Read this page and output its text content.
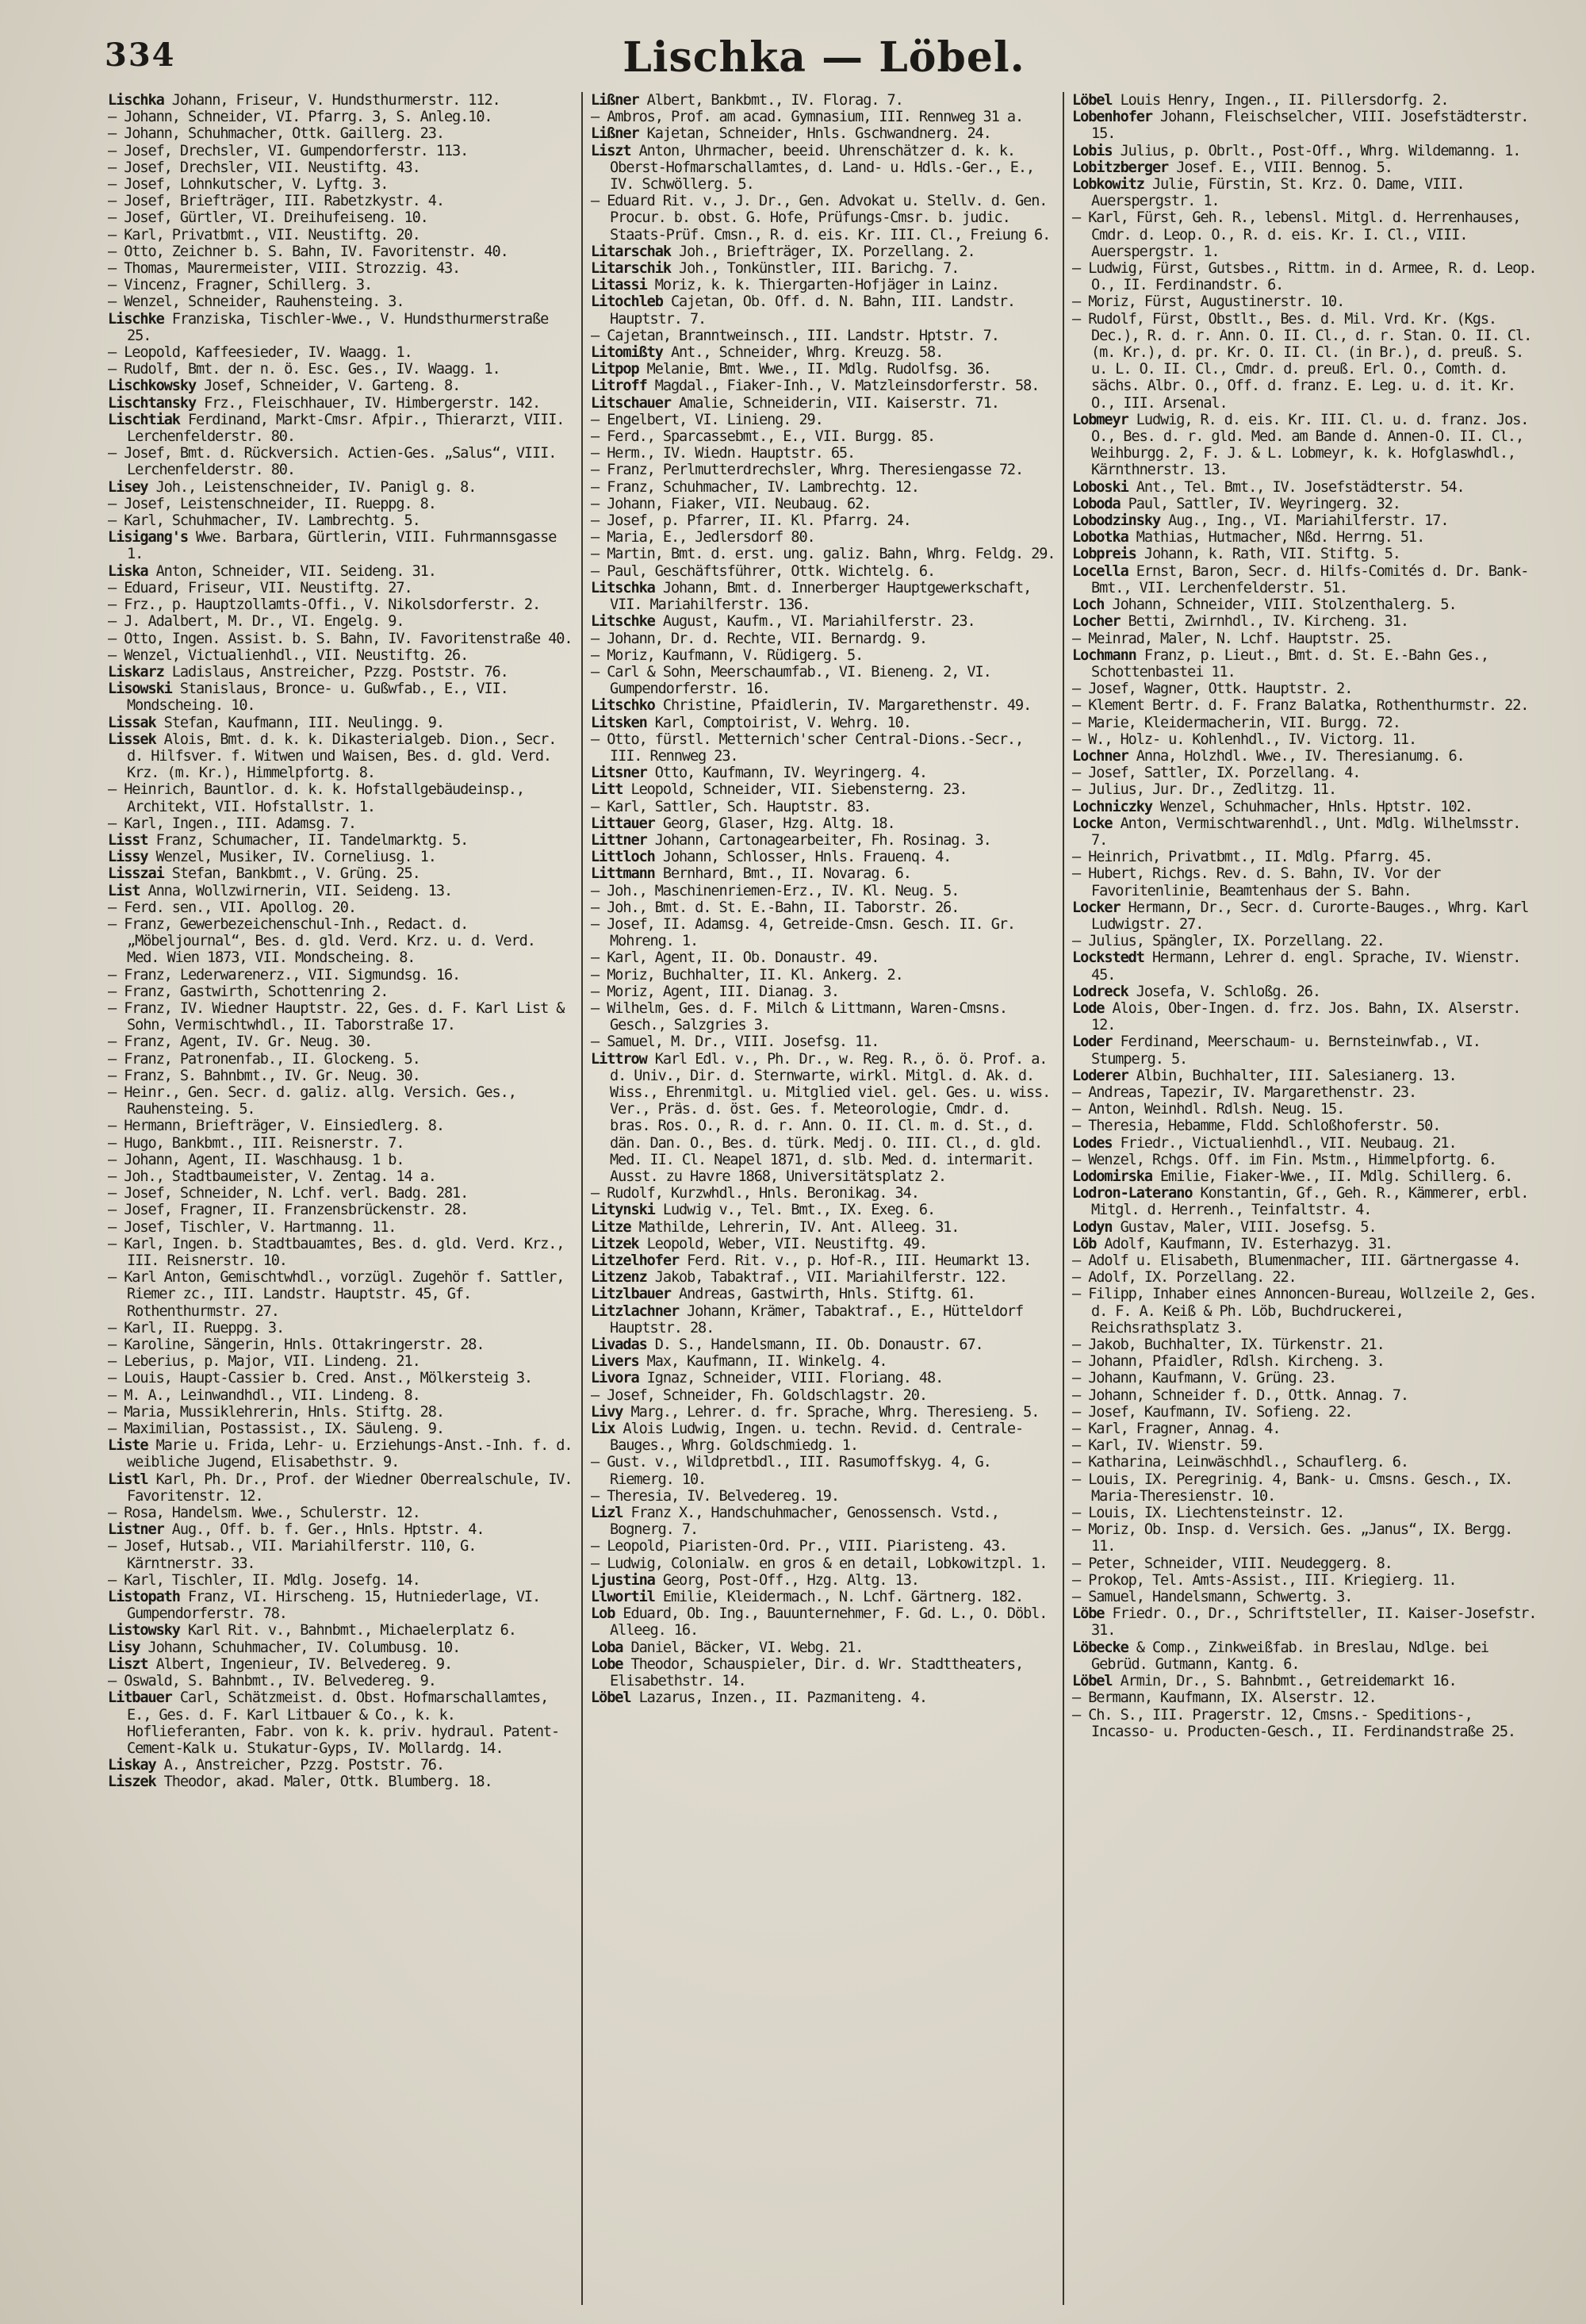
334	Lischka — Löbel.

Lischka Johann, Friseur, V. Hundsthurmerstr. 112.

— Johann, Schneider, VI. Pfarrg. 3, S. Anleg.10.

— Johann, Schuhmacher, Ottk. Gaillerg. 23.

— Josef, Drechsler, VI. Gumpendorferstr. 113.

— Josef, Drechsler, VII. Neustiftg. 43.

— Josef, Lohnkutscher, V. Lyftg. 3.

— Josef, Briefträger, III. Rabetzkystr. 4.

— Josef, Gürtler, VI. Dreihufeiseng. 10.

— Karl, Privatbmt., VII. Neustiftg. 20.

— Otto, Zeichner b. S. Bahn, IV. Favoritenstr. 40.

— Thomas, Maurermeister, VIII. Strozzig. 43.

— Vincenz, Fragner, Schillerg. 3.

— Wenzel, Schneider, Rauhensteing. 3.

Lischke Franziska, Tischler-Wwe., V. Hundsthurmerstraße 25.

— Leopold, Kaffeesieder, IV. Waagg. 1.

— Rudolf, Bmt. der n. ö. Esc. Ges., IV. Waagg. 1.

Lischkowsky Josef, Schneider, V. Garteng. 8.

Lischtansky Frz., Fleischhauer, IV. Himbergerstr. 142.

Lischtiak Ferdinand, Markt-Cmsr. Afpir., Thierarzt, VIII. Lerchenfelderstr. 80.

— Josef, Bmt. d. Rückversich. Actien-Ges. „Salus“, VIII. Lerchenfelderstr. 80.

Lisey Joh., Leistenschneider, IV. Panigl g. 8.

— Josef, Leistenschneider, II. Rueppg. 8.

— Karl, Schuhmacher, IV. Lambrechtg. 5.

Lisigang's Wwe. Barbara, Gürtlerin, VIII. Fuhrmannsgasse 1.

Liska Anton, Schneider, VII. Seideng. 31.

— Eduard, Friseur, VII. Neustiftg. 27.

— Frz., p. Hauptzollamts-Offi., V. Nikolsdorferstr. 2.

— J. Adalbert, M. Dr., VI. Engelg. 9.

— Otto, Ingen. Assist. b. S. Bahn, IV. Favoritenstraße 40.

— Wenzel, Victualienhdl., VII. Neustiftg. 26.

Liskarz Ladislaus, Anstreicher, Pzzg. Poststr. 76.

Lisowski Stanislaus, Bronce- u. Gußwfab., E., VII. Mondscheing. 10.

Lissak Stefan, Kaufmann, III. Neulingg. 9.

Lissek Alois, Bmt. d. k. k. Dikasterialgeb. Dion., Secr. d. Hilfsver. f. Witwen und Waisen, Bes. d. gld. Verd. Krz. (m. Kr.), Himmelpfortg. 8.

— Heinrich, Bauntlor. d. k. k. Hofstallgebäudeinsp., Architekt, VII. Hofstallstr. 1.

— Karl, Ingen., III. Adamsg. 7.

Lisst Franz, Schumacher, II. Tandelmarktg. 5.

Lissy Wenzel, Musiker, IV. Corneliusg. 1.

Lisszai Stefan, Bankbmt., V. Grüng. 25.

List Anna, Wollzwirnerin, VII. Seideng. 13.

— Ferd. sen., VII. Apollog. 20.

— Franz, Gewerbezeichenschul-Inh., Redact. d. „Möbeljournal“, Bes. d. gld. Verd. Krz. u. d. Verd. Med. Wien 1873, VII. Mondscheing. 8.

— Franz, Lederwarenerz., VII. Sigmundsg. 16.

— Franz, Gastwirth, Schottenring 2.

— Franz, IV. Wiedner Hauptstr. 22, Ges. d. F. Karl List & Sohn, Vermischtwhdl., II. Taborstraße 17.

— Franz, Agent, IV. Gr. Neug. 30.

— Franz, Patronenfab., II. Glockeng. 5.

— Franz, S. Bahnbmt., IV. Gr. Neug. 30.

— Heinr., Gen. Secr. d. galiz. allg. Versich. Ges., Rauhensteing. 5.

— Hermann, Briefträger, V. Einsiedlerg. 8.

— Hugo, Bankbmt., III. Reisnerstr. 7.

— Johann, Agent, II. Waschhausg. 1 b.

— Joh., Stadtbaumeister, V. Zentag. 14 a.

— Josef, Schneider, N. Lchf. verl. Badg. 281.

— Josef, Fragner, II. Franzensbrückenstr. 28.

— Josef, Tischler, V. Hartmanng. 11.

— Karl, Ingen. b. Stadtbauamtes, Bes. d. gld. Verd. Krz., III. Reisnerstr. 10.

— Karl Anton, Gemischtwhdl., vorzügl. Zugehör f. Sattler, Riemer zc., III. Landstr. Hauptstr. 45, Gf. Rothenthurmstr. 27.

— Karl, II. Rueppg. 3.

— Karoline, Sängerin, Hnls. Ottakringerstr. 28.

— Leberius, p. Major, VII. Lindeng. 21.

— Louis, Haupt-Cassier b. Cred. Anst., Mölkersteig 3.

— M. A., Leinwandhdl., VII. Lindeng. 8.

— Maria, Mussiklehrerin, Hnls. Stiftg. 28.

— Maximilian, Postassist., IX. Säuleng. 9.

Liste Marie u. Frida, Lehr- u. Erziehungs-Anst.-Inh. f. d. weibliche Jugend, Elisabethstr. 9.

Listl Karl, Ph. Dr., Prof. der Wiedner Oberrealschule, IV. Favoritenstr. 12.

— Rosa, Handelsm. Wwe., Schulerstr. 12.

Listner Aug., Off. b. f. Ger., Hnls. Hptstr. 4.

— Josef, Hutsab., VII. Mariahilferstr. 110, G. Kärntnerstr. 33.

— Karl, Tischler, II. Mdlg. Josefg. 14.

Listopath Franz, VI. Hirscheng. 15, Hutniederlage, VI. Gumpendorferstr. 78.

Listowsky Karl Rit. v., Bahnbmt., Michaelerplatz 6.

Lisy Johann, Schuhmacher, IV. Columbusg. 10.

Liszt Albert, Ingenieur, IV. Belvedereg. 9.

— Oswald, S. Bahnbmt., IV. Belvedereg. 9.

Litbauer Carl, Schätzmeist. d. Obst. Hofmarschallamtes, E., Ges. d. F. Karl Litbauer & Co., k. k. Hoflieferanten, Fabr. von k. k. priv. hydraul. Patent-Cement-Kalk u. Stukatur-Gyps, IV. Mollardg. 14.

Liskay A., Anstreicher, Pzzg. Poststr. 76.

Liszek Theodor, akad. Maler, Ottk. Blumberg. 18.

Lißner Albert, Bankbmt., IV. Florag. 7.

— Ambros, Prof. am acad. Gymnasium, III. Rennweg 31 a.

Lißner Kajetan, Schneider, Hnls. Gschwandnerg. 24.

Liszt Anton, Uhrmacher, beeid. Uhrenschätzer d. k. k. Oberst-Hofmarschallamtes, d. Land- u. Hdls.-Ger., E., IV. Schwöllerg. 5.

— Eduard Rit. v., J. Dr., Gen. Advokat u. Stellv. d. Gen. Procur. b. obst. G. Hofe, Prüfungs-Cmsr. b. judic. Staats-Prüf. Cmsn., R. d. eis. Kr. III. Cl., Freiung 6.

Litarschak Joh., Briefträger, IX. Porzellang. 2.

Litarschik Joh., Tonkünstler, III. Barichg. 7.

Litassi Moriz, k. k. Thiergarten-Hofjäger in Lainz.

Litochleb Cajetan, Ob. Off. d. N. Bahn, III. Landstr. Hauptstr. 7.

— Cajetan, Branntweinsch., III. Landstr. Hptstr. 7.

Litomißty Ant., Schneider, Whrg. Kreuzg. 58.

Litpop Melanie, Bmt. Wwe., II. Mdlg. Rudolfsg. 36.

Litroff Magdal., Fiaker-Inh., V. Matzleinsdorferstr. 58.

Litschauer Amalie, Schneiderin, VII. Kaiserstr. 71.

— Engelbert, VI. Linieng. 29.

— Ferd., Sparcassebmt., E., VII. Burgg. 85.

— Herm., IV. Wiedn. Hauptstr. 65.

— Franz, Perlmutterdrechsler, Whrg. Theresiengasse 72.

— Franz, Schuhmacher, IV. Lambrechtg. 12.

— Johann, Fiaker, VII. Neubaug. 62.

— Josef, p. Pfarrer, II. Kl. Pfarrg. 24.

— Maria, E., Jedlersdorf 80.

— Martin, Bmt. d. erst. ung. galiz. Bahn, Whrg. Feldg. 29.

— Paul, Geschäftsführer, Ottk. Wichtelg. 6.

Litschka Johann, Bmt. d. Innerberger Hauptgewerkschaft, VII. Mariahilferstr. 136.

Litschke August, Kaufm., VI. Mariahilferstr. 23.

— Johann, Dr. d. Rechte, VII. Bernardg. 9.

— Moriz, Kaufmann, V. Rüdigerg. 5.

— Carl & Sohn, Meerschaumfab., VI. Bieneng. 2, VI. Gumpendorferstr. 16.

Litschko Christine, Pfaidlerin, IV. Margarethenstr. 49.

Litsken Karl, Comptoirist, V. Wehrg. 10.

— Otto, fürstl. Metternich'scher Central-Dions.-Secr., III. Rennweg 23.

Litsner Otto, Kaufmann, IV. Weyringerg. 4.

Litt Leopold, Schneider, VII. Siebensterng. 23.

— Karl, Sattler, Sch. Hauptstr. 83.

Littauer Georg, Glaser, Hzg. Altg. 18.

Littner Johann, Cartonagearbeiter, Fh. Rosinag. 3.

Littloch Johann, Schlosser, Hnls. Frauenq. 4.

Littmann Bernhard, Bmt., II. Novarag. 6.

— Joh., Maschinenriemen-Erz., IV. Kl. Neug. 5.

— Joh., Bmt. d. St. E.-Bahn, II. Taborstr. 26.

— Josef, II. Adamsg. 4, Getreide-Cmsn. Gesch. II. Gr. Mohreng. 1.

— Karl, Agent, II. Ob. Donaustr. 49.

— Moriz, Buchhalter, II. Kl. Ankerg. 2.

— Moriz, Agent, III. Dianag. 3.

— Wilhelm, Ges. d. F. Milch & Littmann, Waren-Cmsns. Gesch., Salzgries 3.

— Samuel, M. Dr., VIII. Josefsg. 11.

Littrow Karl Edl. v., Ph. Dr., w. Reg. R., ö. ö. Prof. a. d. Univ., Dir. d. Sternwarte, wirkl. Mitgl. d. Ak. d. Wiss., Ehrenmitgl. u. Mitglied viel. gel. Ges. u. wiss. Ver., Präs. d. öst. Ges. f. Meteorologie, Cmdr. d. bras. Ros. O., R. d. r. Ann. O. II. Cl. m. d. St., d. dän. Dan. O., Bes. d. türk. Medj. O. III. Cl., d. gld. Med. II. Cl. Neapel 1871, d. slb. Med. d. intermarit. Ausst. zu Havre 1868, Universitätsplatz 2.

— Rudolf, Kurzwhdl., Hnls. Beronikag. 34.

Litynski Ludwig v., Tel. Bmt., IX. Exeg. 6.

Litze Mathilde, Lehrerin, IV. Ant. Alleeg. 31.

Litzek Leopold, Weber, VII. Neustiftg. 49.

Litzelhofer Ferd. Rit. v., p. Hof-R., III. Heumarkt 13.

Litzenz Jakob, Tabaktraf., VII. Mariahilferstr. 122.

Litzlbauer Andreas, Gastwirth, Hnls. Stiftg. 61.

Litzlachner Johann, Krämer, Tabaktraf., E., Hütteldorf Hauptstr. 28.

Livadas D. S., Handelsmann, II. Ob. Donaustr. 67.

Livers Max, Kaufmann, II. Winkelg. 4.

Livora Ignaz, Schneider, VIII. Floriang. 48.

— Josef, Schneider, Fh. Goldschlagstr. 20.

Livy Marg., Lehrer. d. fr. Sprache, Whrg. Theresieng. 5.

Lix Alois Ludwig, Ingen. u. techn. Revid. d. Centrale-Bauges., Whrg. Goldschmiedg. 1.

— Gust. v., Wildpretbdl., III. Rasumoffskyg. 4, G. Riemerg. 10.

— Theresia, IV. Belvedereg. 19.

Lizl Franz X., Handschuhmacher, Genossensch. Vstd., Bognerg. 7.

— Leopold, Piaristen-Ord. Pr., VIII. Piaristeng. 43.

— Ludwig, Colonialw. en gros & en detail, Lobkowitzpl. 1.

Ljustina Georg, Post-Off., Hzg. Altg. 13.

Llwortil Emilie, Kleidermach., N. Lchf. Gärtnerg. 182.

Lob Eduard, Ob. Ing., Bauunternehmer, F. Gd. L., O. Döbl. Alleeg. 16.

Loba Daniel, Bäcker, VI. Webg. 21.

Lobe Theodor, Schauspieler, Dir. d. Wr. Stadttheaters, Elisabethstr. 14.

Löbel Lazarus, Inzen., II. Pazmaniteng. 4.

Löbel Louis Henry, Ingen., II. Pillersdorfg. 2.

Lobenhofer Johann, Fleischselcher, VIII. Josefstädterstr. 15.

Lobis Julius, p. Obrlt., Post-Off., Whrg. Wildemanng. 1.

Lobitzberger Josef. E., VIII. Bennog. 5.

Lobkowitz Julie, Fürstin, St. Krz. O. Dame, VIII. Auerspergstr. 1.

— Karl, Fürst, Geh. R., lebensl. Mitgl. d. Herrenhauses, Cmdr. d. Leop. O., R. d. eis. Kr. I. Cl., VIII. Auerspergstr. 1.

— Ludwig, Fürst, Gutsbes., Rittm. in d. Armee, R. d. Leop. O., II. Ferdinandstr. 6.

— Moriz, Fürst, Augustinerstr. 10.

— Rudolf, Fürst, Obstlt., Bes. d. Mil. Vrd. Kr. (Kgs. Dec.), R. d. r. Ann. O. II. Cl., d. r. Stan. O. II. Cl. (m. Kr.), d. pr. Kr. O. II. Cl. (in Br.), d. preuß. S. u. L. O. II. Cl., Cmdr. d. preuß. Erl. O., Comth. d. sächs. Albr. O., Off. d. franz. E. Leg. u. d. it. Kr. O., III. Arsenal.

Lobmeyr Ludwig, R. d. eis. Kr. III. Cl. u. d. franz. Jos. O., Bes. d. r. gld. Med. am Bande d. Annen-O. II. Cl., Weihburgg. 2, F. J. & L. Lobmeyr, k. k. Hofglaswhdl., Kärnthnerstr. 13.

Loboski Ant., Tel. Bmt., IV. Josefstädterstr. 54.

Loboda Paul, Sattler, IV. Weyringerg. 32.

Lobodzinsky Aug., Ing., VI. Mariahilferstr. 17.

Lobotka Mathias, Hutmacher, Nßd. Herrng. 51.

Lobpreis Johann, k. Rath, VII. Stiftg. 5.

Locella Ernst, Baron, Secr. d. Hilfs-Comités d. Dr. Bank-Bmt., VII. Lerchenfelderstr. 51.

Loch Johann, Schneider, VIII. Stolzenthalerg. 5.

Locher Betti, Zwirnhdl., IV. Kircheng. 31.

— Meinrad, Maler, N. Lchf. Hauptstr. 25.

Lochmann Franz, p. Lieut., Bmt. d. St. E.-Bahn Ges., Schottenbastei 11.

— Josef, Wagner, Ottk. Hauptstr. 2.

— Klement Bertr. d. F. Franz Balatka, Rothenthurmstr. 22.

— Marie, Kleidermacherin, VII. Burgg. 72.

— W., Holz- u. Kohlenhdl., IV. Victorg. 11.

Lochner Anna, Holzhdl. Wwe., IV. Theresianumg. 6.

— Josef, Sattler, IX. Porzellang. 4.

— Julius, Jur. Dr., Zedlitzg. 11.

Lochniczky Wenzel, Schuhmacher, Hnls. Hptstr. 102.

Locke Anton, Vermischtwarenhdl., Unt. Mdlg. Wilhelmsstr. 7.

— Heinrich, Privatbmt., II. Mdlg. Pfarrg. 45.

— Hubert, Richgs. Rev. d. S. Bahn, IV. Vor der Favoritenlinie, Beamtenhaus der S. Bahn.

Locker Hermann, Dr., Secr. d. Curorte-Bauges., Whrg. Karl Ludwigstr. 27.

— Julius, Spängler, IX. Porzellang. 22.

Lockstedt Hermann, Lehrer d. engl. Sprache, IV. Wienstr. 45.

Lodreck Josefa, V. Schloßg. 26.

Lode Alois, Ober-Ingen. d. frz. Jos. Bahn, IX. Alserstr. 12.

Loder Ferdinand, Meerschaum- u. Bernsteinwfab., VI. Stumperg. 5.

Loderer Albin, Buchhalter, III. Salesianerg. 13.

— Andreas, Tapezir, IV. Margarethenstr. 23.

— Anton, Weinhdl. Rdlsh. Neug. 15.

— Theresia, Hebamme, Fldd. Schloßhoferstr. 50.

Lodes Friedr., Victualienhdl., VII. Neubaug. 21.

— Wenzel, Rchgs. Off. im Fin. Mstm., Himmelpfortg. 6.

Lodomirska Emilie, Fiaker-Wwe., II. Mdlg. Schillerg. 6.

Lodron-Laterano Konstantin, Gf., Geh. R., Kämmerer, erbl. Mitgl. d. Herrenh., Teinfaltstr. 4.

Lodyn Gustav, Maler, VIII. Josefsg. 5.

Löb Adolf, Kaufmann, IV. Esterhazyg. 31.

— Adolf u. Elisabeth, Blumenmacher, III. Gärtnergasse 4.

— Adolf, IX. Porzellang. 22.

— Filipp, Inhaber eines Annoncen-Bureau, Wollzeile 2, Ges. d. F. A. Keiß & Ph. Löb, Buchdruckerei, Reichsrathsplatz 3.

— Jakob, Buchhalter, IX. Türkenstr. 21.

— Johann, Pfaidler, Rdlsh. Kircheng. 3.

— Johann, Kaufmann, V. Grüng. 23.

— Johann, Schneider f. D., Ottk. Annag. 7.

— Josef, Kaufmann, IV. Sofieng. 22.

— Karl, Fragner, Annag. 4.

— Karl, IV. Wienstr. 59.

— Katharina, Leinwäschhdl., Schauflerg. 6.

— Louis, IX. Peregrinig. 4, Bank- u. Cmsns. Gesch., IX. Maria-Theresienstr. 10.

— Louis, IX. Liechtensteinstr. 12.

— Moriz, Ob. Insp. d. Versich. Ges. „Janus“, IX. Bergg. 11.

— Peter, Schneider, VIII. Neudeggerg. 8.

— Prokop, Tel. Amts-Assist., III. Kriegierg. 11.

— Samuel, Handelsmann, Schwertg. 3.

Löbe Friedr. O., Dr., Schriftsteller, II. Kaiser-Josefstr. 31.

Löbecke & Comp., Zinkweißfab. in Breslau, Ndlge. bei Gebrüd. Gutmann, Kantg. 6.

Löbel Armin, Dr., S. Bahnbmt., Getreidemarkt 16.

— Bermann, Kaufmann, IX. Alserstr. 12.

— Ch. S., III. Pragerstr. 12, Cmsns.- Speditions-, Incasso- u. Producten-Gesch., II. Ferdinandstraße 25.
